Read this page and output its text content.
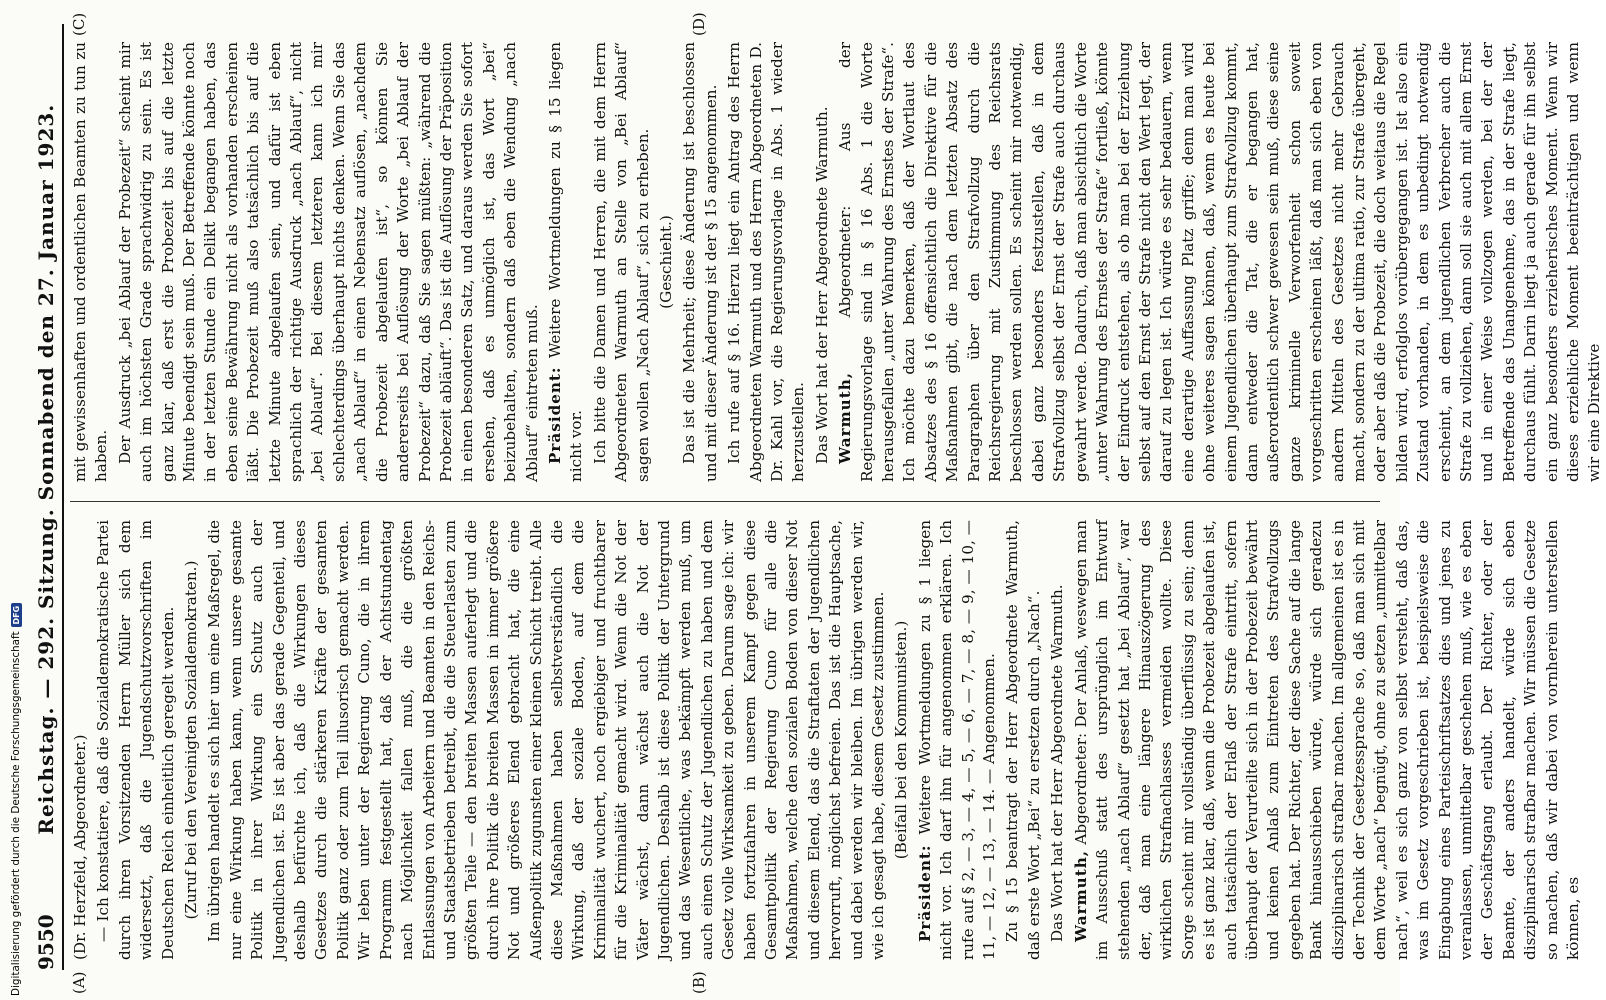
9550
Reichstag. — 292. Sitzung. Sonnabend den 27. Januar 1923.
(A)	(B)
(C)	(D)

(Dr. Herzfeld, Abgeordneter.) — Ich konstatiere, daß die Sozialdemokratische Partei durch ihren Vorsitzenden Herrn Müller sich dem widersetzt, daß die Jugendschutzvorschriften im Deutschen Reich einheitlich geregelt werden. (Zuruf bei den Vereinigten Sozialdemokraten.) Im übrigen handelt es sich hier um eine Maßregel, die nur eine Wirkung haben kann, wenn unsere gesamte Politik in ihrer Wirkung ein Schutz auch der Jugendlichen ist. Es ist aber das gerade Gegenteil, und deshalb befürchte ich, daß die Wirkungen dieses Gesetzes durch die stärkeren Kräfte der gesamten Politik ganz oder zum Teil illusorisch gemacht werden. Wir leben unter der Regierung Cuno, die in ihrem Programm festgestellt hat, daß der Achtstundentag nach Möglichkeit fallen muß, die die größten Entlassungen von Arbeitern und Beamten in den Reichs- und Staatsbetrieben betreibt, die die Steuerlasten zum größten Teile — den breiten Massen auferlegt und die durch ihre Politik die breiten Massen in immer größere Not und größeres Elend gebracht hat, die eine Außenpolitik zugunsten einer kleinen Schicht treibt. Alle diese Maßnahmen haben selbstverständlich die Wirkung, daß der soziale Boden, auf dem die Kriminalität wuchert, noch ergiebiger und fruchtbarer für die Kriminalität gemacht wird. Wenn die Not der Väter wächst, dann wächst auch die Not der Jugendlichen. Deshalb ist diese Politik der Untergrund und das Wesentliche, was bekämpft werden muß, um auch einen Schutz der Jugendlichen zu haben und dem Gesetz volle Wirksamkeit zu geben. Darum sage ich: wir haben fortzufahren in unserem Kampf gegen diese Gesamtpolitik der Regierung Cuno für alle die Maßnahmen, welche den sozialen Boden von dieser Not und diesem Elend, das die Straftaten der Jugendlichen hervorruft, möglichst befreien. Das ist die Hauptsache, und dabei werden wir bleiben. Im übrigen werden wir, wie ich gesagt habe, diesem Gesetz zustimmen. (Beifall bei den Kommunisten.)

Präsident: Weitere Wortmeldungen zu § 1 liegen nicht vor. Ich darf ihn für angenommen erklären. Ich rufe auf § 2, — 3, — 4, — 5, — 6, — 7, — 8, — 9, — 10, — 11, — 12, — 13, — 14. — Angenommen. Zu § 15 beantragt der Herr Abgeordnete Warmuth, daß erste Wort „Bei“ zu ersetzen durch „Nach“. Das Wort hat der Herr Abgeordnete Warmuth. Warmuth, Abgeordneter: Der Anlaß, weswegen man im Ausschuß statt des ursprünglich im Entwurf stehenden „nach Ablauf“ gesetzt hat „bei Ablauf“, war der, daß man eine längere Hinauszögerung des wirklichen Strafnachlasses vermeiden wollte. Diese Sorge scheint mir vollständig überflüssig zu sein; denn es ist ganz klar, daß, wenn die Probezeit abgelaufen ist, auch tatsächlich der Erlaß der Strafe eintritt, sofern überhaupt der Verurteilte sich in der Probezeit bewährt und keinen Anlaß zum Eintreten des Strafvollzugs gegeben hat. Der Richter, der diese Sache auf die lange Bank hinausschieben würde, würde sich geradezu disziplinarisch strafbar machen. Im allgemeinen ist es in der Technik der Gesetzessprache so, daß man sich mit dem Worte „nach“ begnügt, ohne zu setzen „unmittelbar nach“, weil es sich ganz von selbst versteht, daß das, was im Gesetz vorgeschrieben ist, beispielsweise die Eingabung eines Parteischriftsatzes dies und jenes zu veranlassen, unmittelbar geschehen muß, wie es eben der Geschäftsgang erlaubt. Der Richter, oder der Beamte, der anders handelt, würde sich eben disziplinarisch strafbar machen. Wir müssen die Gesetze so machen, daß wir dabei von vornherein unterstellen können, es

mit gewissenhaften und ordentlichen Beamten zu tun zu haben. Der Ausdruck „bei Ablauf der Probezeit“ scheint mir auch im höchsten Grade sprachwidrig zu sein. Es ist ganz klar, daß erst die Probezeit bis auf die letzte Minute beendigt sein muß. Der Betreffende könnte noch in der letzten Stunde ein Delikt begangen haben, das eben seine Bewährung nicht als vorhanden erscheinen läßt. Die Probezeit muß also tatsächlich bis auf die letzte Minute abgelaufen sein, und dafür ist eben sprachlich der richtige Ausdruck „nach Ablauf“, nicht „bei Ablauf“. Bei diesem letzteren kann ich mir schlechterdings überhaupt nichts denken. Wenn Sie das „nach Ablauf“ in einen Nebensatz auflösen, „nachdem die Probezeit abgelaufen ist“, so können Sie andererseits bei Auflösung der Worte „bei Ablauf der Probezeit“ dazu, daß Sie sagen müßten: „während die Probezeit abläuft“. Das ist die Auflösung der Präposition in einen besonderen Satz, und daraus werden Sie sofort ersehen, daß es unmöglich ist, das Wort „bei“ beizubehalten, sondern daß eben die Wendung „nach Ablauf“ eintreten muß. Präsident: Weitere Wortmeldungen zu § 15 liegen nicht vor. Ich bitte die Damen und Herren, die mit dem Herrn Abgeordneten Warmuth an Stelle von „Bei Ablauf“ sagen wollen „Nach Ablauf“, sich zu erheben. (Geschieht.) Das ist die Mehrheit; diese Änderung ist beschlossen und mit dieser Änderung ist der § 15 angenommen. Ich rufe auf § 16. Hierzu liegt ein Antrag des Herrn Abgeordneten Warmuth und des Herrn Abgeordneten D. Dr. Kahl vor, die Regierungsvorlage in Abs. 1 wieder herzustellen. Das Wort hat der Herr Abgeordnete Warmuth. Warmuth, Abgeordneter: Aus der Regierungsvorlage sind in § 16 Abs. 1 die Worte herausgefallen „unter Wahrung des Ernstes der Strafe“. Ich möchte dazu bemerken, daß der Wortlaut des Absatzes des § 16 offensichtlich die Direktive für die Maßnahmen gibt, die nach dem letzten Absatz des Paragraphen über den Strafvollzug durch die Reichsregierung mit Zustimmung des Reichsrats beschlossen werden sollen. Es scheint mir notwendig, dabei ganz besonders festzustellen, daß in dem Strafvollzug selbst der Ernst der Strafe auch durchaus gewahrt werde. Dadurch, daß man absichtlich die Worte „unter Wahrung des Ernstes der Strafe“ fortließ, könnte der Eindruck entstehen, als ob man bei der Erziehung selbst auf den Ernst der Strafe nicht den Wert legt, der darauf zu legen ist. Ich würde es sehr bedauern, wenn eine derartige Auffassung Platz griffe; denn man wird ohne weiteres sagen können, daß, wenn es heute bei einem Jugendlichen überhaupt zum Strafvollzug kommt, dann entweder die Tat, die er begangen hat, außerordentlich schwer gewesen sein muß, diese seine ganze kriminelle Verworfenheit schon soweit vorgeschritten erscheinen läßt, daß man sich eben von andern Mitteln des Gesetzes nicht mehr Gebrauch macht, sondern zu der ultima ratio, zur Strafe übergeht, oder aber daß die Probezeit, die doch weitaus die Regel bilden wird, erfolglos vorübergegangen ist. Ist also ein Zustand vorhanden, in dem es unbedingt notwendig erscheint, an dem jugendlichen Verbrecher auch die Strafe zu vollziehen, dann soll sie auch mit allem Ernst und in einer Weise vollzogen werden, bei der der Betreffende das Unangenehme, das in der Strafe liegt, durchaus fühlt. Darin liegt ja auch gerade für ihn selbst ein ganz besonders erzieherisches Moment. Wenn wir dieses erziehliche Moment beeinträchtigen und wenn wir eine Direktive

Digitalisierung gefördert durch die Deutsche Forschungsgemeinschaft
DFG
